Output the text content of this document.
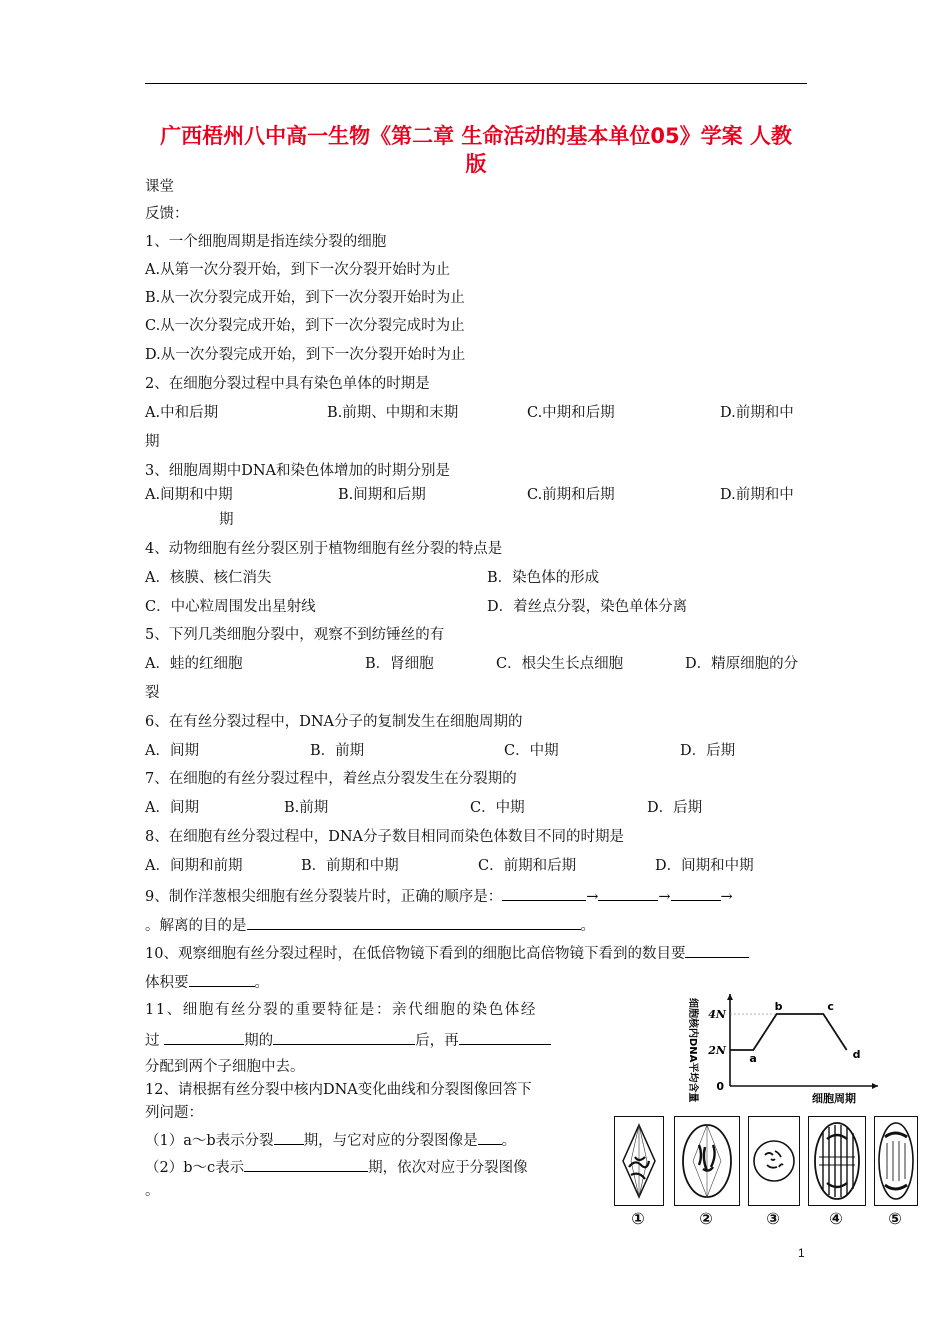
广西梧州八中高一生物《第二章 生命活动的基本单位05》学案 人教
版
课堂
反馈：
1、一个细胞周期是指连续分裂的细胞
A.从第一次分裂开始，到下一次分裂开始时为止
B.从一次分裂完成开始，到下一次分裂开始时为止
C.从一次分裂完成开始，到下一次分裂完成时为止
D.从一次分裂完成开始，到下一次分裂开始时为止
2、在细胞分裂过程中具有染色单体的时期是
A.中和后期	B.前期、中期和末期	C.中期和后期	D.前期和中
期
3、细胞周期中DNA和染色体增加的时期分别是
A.间期和中期	B.间期和后期	C.前期和后期	D.前期和中
期
4、动物细胞有丝分裂区别于植物细胞有丝分裂的特点是
A．核膜、核仁消失	B．染色体的形成
C．中心粒周围发出星射线	D．着丝点分裂，染色单体分离
5、下列几类细胞分裂中，观察不到纺锤丝的有
A．蛙的红细胞	B．肾细胞	C．根尖生长点细胞	D．精原细胞的分
裂
6、在有丝分裂过程中，DNA分子的复制发生在细胞周期的
A．间期	B．前期	C．中期	D．后期
7、在细胞的有丝分裂过程中，着丝点分裂发生在分裂期的
A．间期	B.前期	C．中期	D．后期
8、在细胞有丝分裂过程中，DNA分子数目相同而染色体数目不同的时期是
A．间期和前期	B．前期和中期	C．前期和后期	D．间期和中期
9、制作洋葱根尖细胞有丝分裂装片时，正确的顺序是：	→	→	→
。解离的目的是	。
10、观察细胞有丝分裂过程时，在低倍物镜下看到的细胞比高倍物镜下看到的数目要
体积要	。
11、细胞有丝分裂的重要特征是：亲代细胞的染色体经
过	期的	后，再
分配到两个子细胞中去。
12、请根据有丝分裂中核内DNA变化曲线和分裂图像回答下
列问题：
（1）a～b表示分裂 期，与它对应的分裂图像是 。
（2）b～c表示	期，依次对应于分裂图像
。
细胞周期
0
细胞核内DNA平均含量 2N
4N
a
b	c
d
①	②	③	④	⑤
1
